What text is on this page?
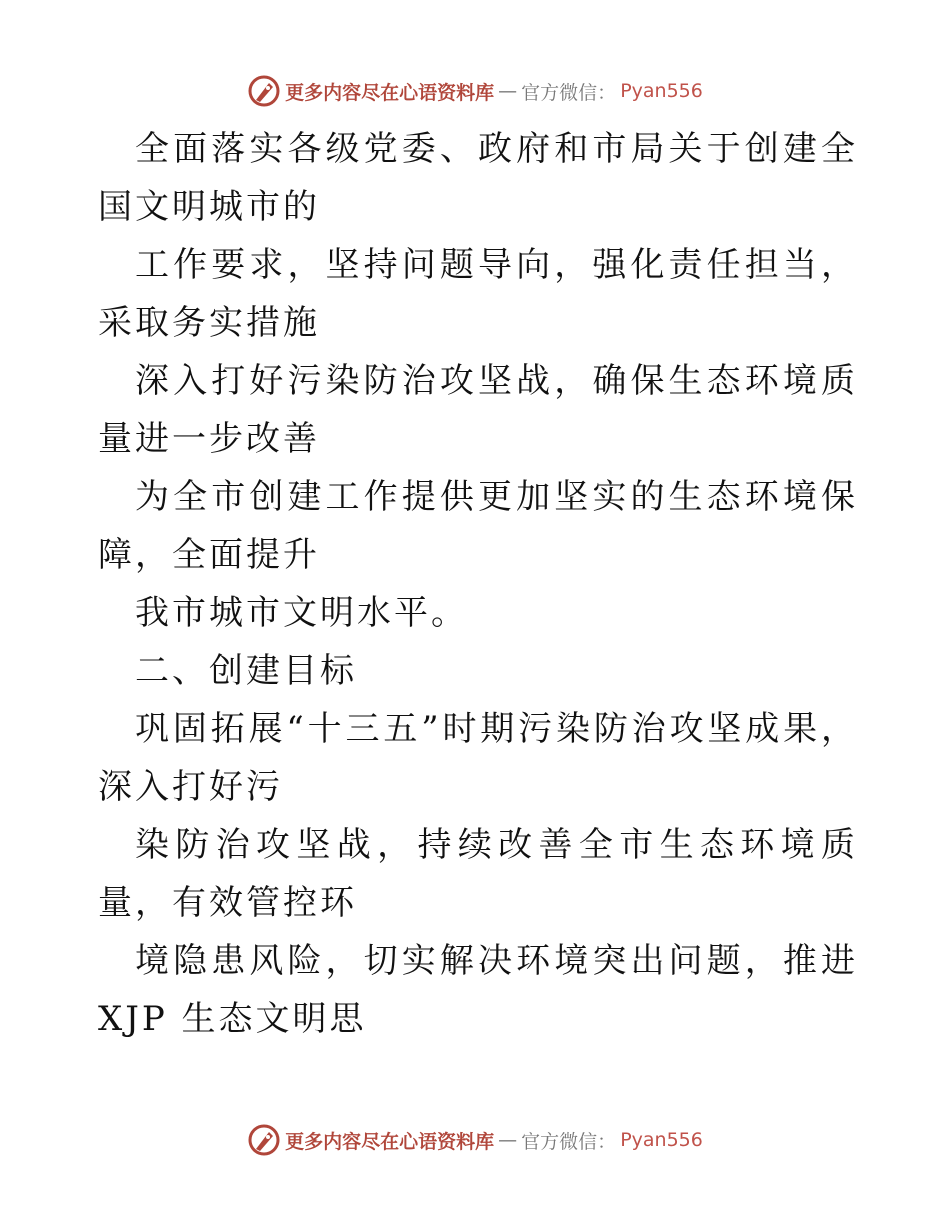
更多内容尽在心语资料库 — 官方微信： Pyan556

全面落实各级党委、政府和市局关于创建全国文明城市的

工作要求，坚持问题导向，强化责任担当，采取务实措施

深入打好污染防治攻坚战，确保生态环境质量进一步改善

为全市创建工作提供更加坚实的生态环境保障，全面提升

我市城市文明水平。

二、创建目标

巩固拓展“十三五”时期污染防治攻坚成果，深入打好污

染防治攻坚战，持续改善全市生态环境质量，有效管控环

境隐患风险，切实解决环境突出问题，推进 XJP 生态文明思

更多内容尽在心语资料库 — 官方微信： Pyan556
